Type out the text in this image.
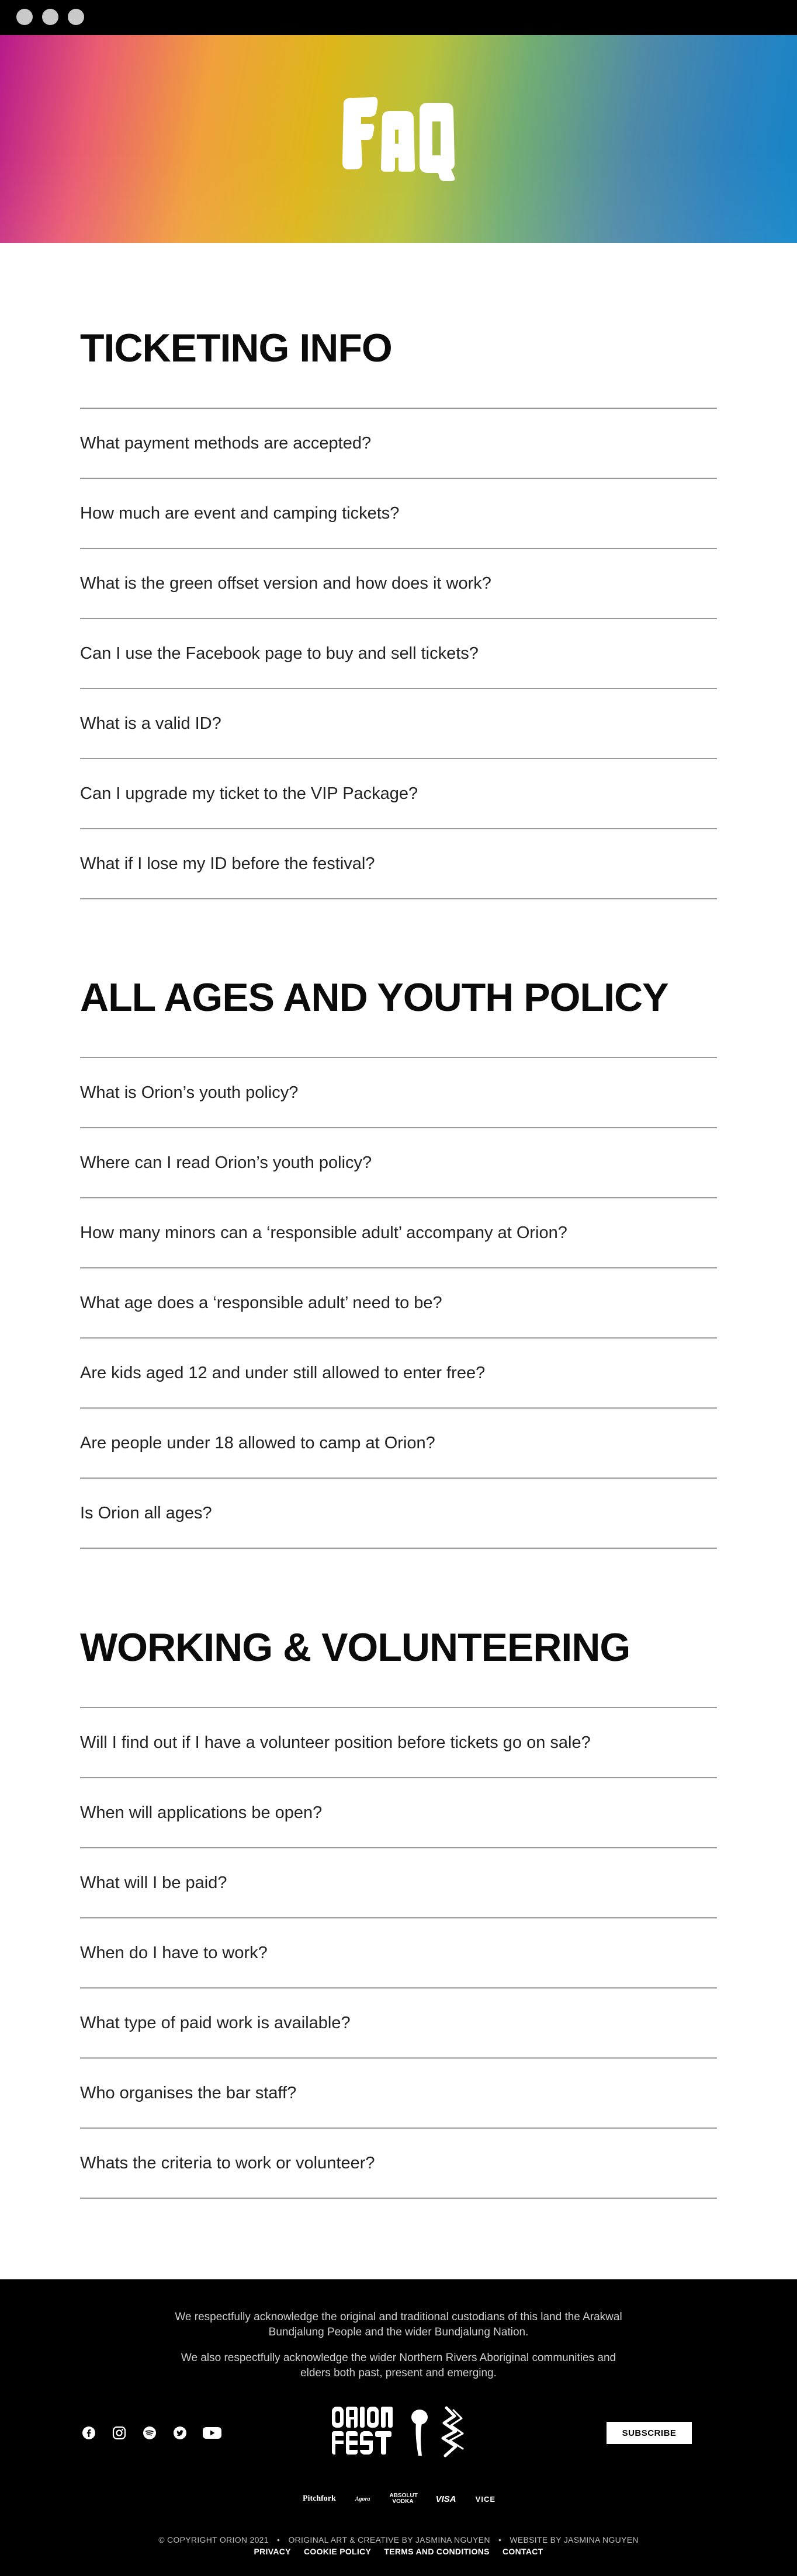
TICKETING INFO
What payment methods are accepted?
How much are event and camping tickets?
What is the green offset version and how does it work?
Can I use the Facebook page to buy and sell tickets?
What is a valid ID?
Can I upgrade my ticket to the VIP Package?
What if I lose my ID before the festival?
ALL AGES AND YOUTH POLICY
What is Orion’s youth policy?
Where can I read Orion’s youth policy?
How many minors can a ‘responsible adult’ accompany at Orion?
What age does a ‘responsible adult’ need to be?
Are kids aged 12 and under still allowed to enter free?
Are people under 18 allowed to camp at Orion?
Is Orion all ages?
WORKING & VOLUNTEERING
Will I find out if I have a volunteer position before tickets go on sale?
When will applications be open?
What will I be paid?
When do I have to work?
What type of paid work is available?
Who organises the bar staff?
Whats the criteria to work or volunteer?
We respectfully acknowledge the original and traditional custodians of this land the Arakwal Bundjalung People and the wider Bundjalung Nation.
We also respectfully acknowledge the wider Northern Rivers Aboriginal communities and elders both past, present and emerging.
SUBSCRIBE
Pitchfork	Agora	ABSOLUT VODKA	VISA	VICE
© COPYRIGHT ORION 2021 • ORIGINAL ART & CREATIVE BY JASMINA NGUYEN • WEBSITE BY JASMINA NGUYEN
PRIVACY COOKIE POLICY TERMS AND CONDITIONS CONTACT
